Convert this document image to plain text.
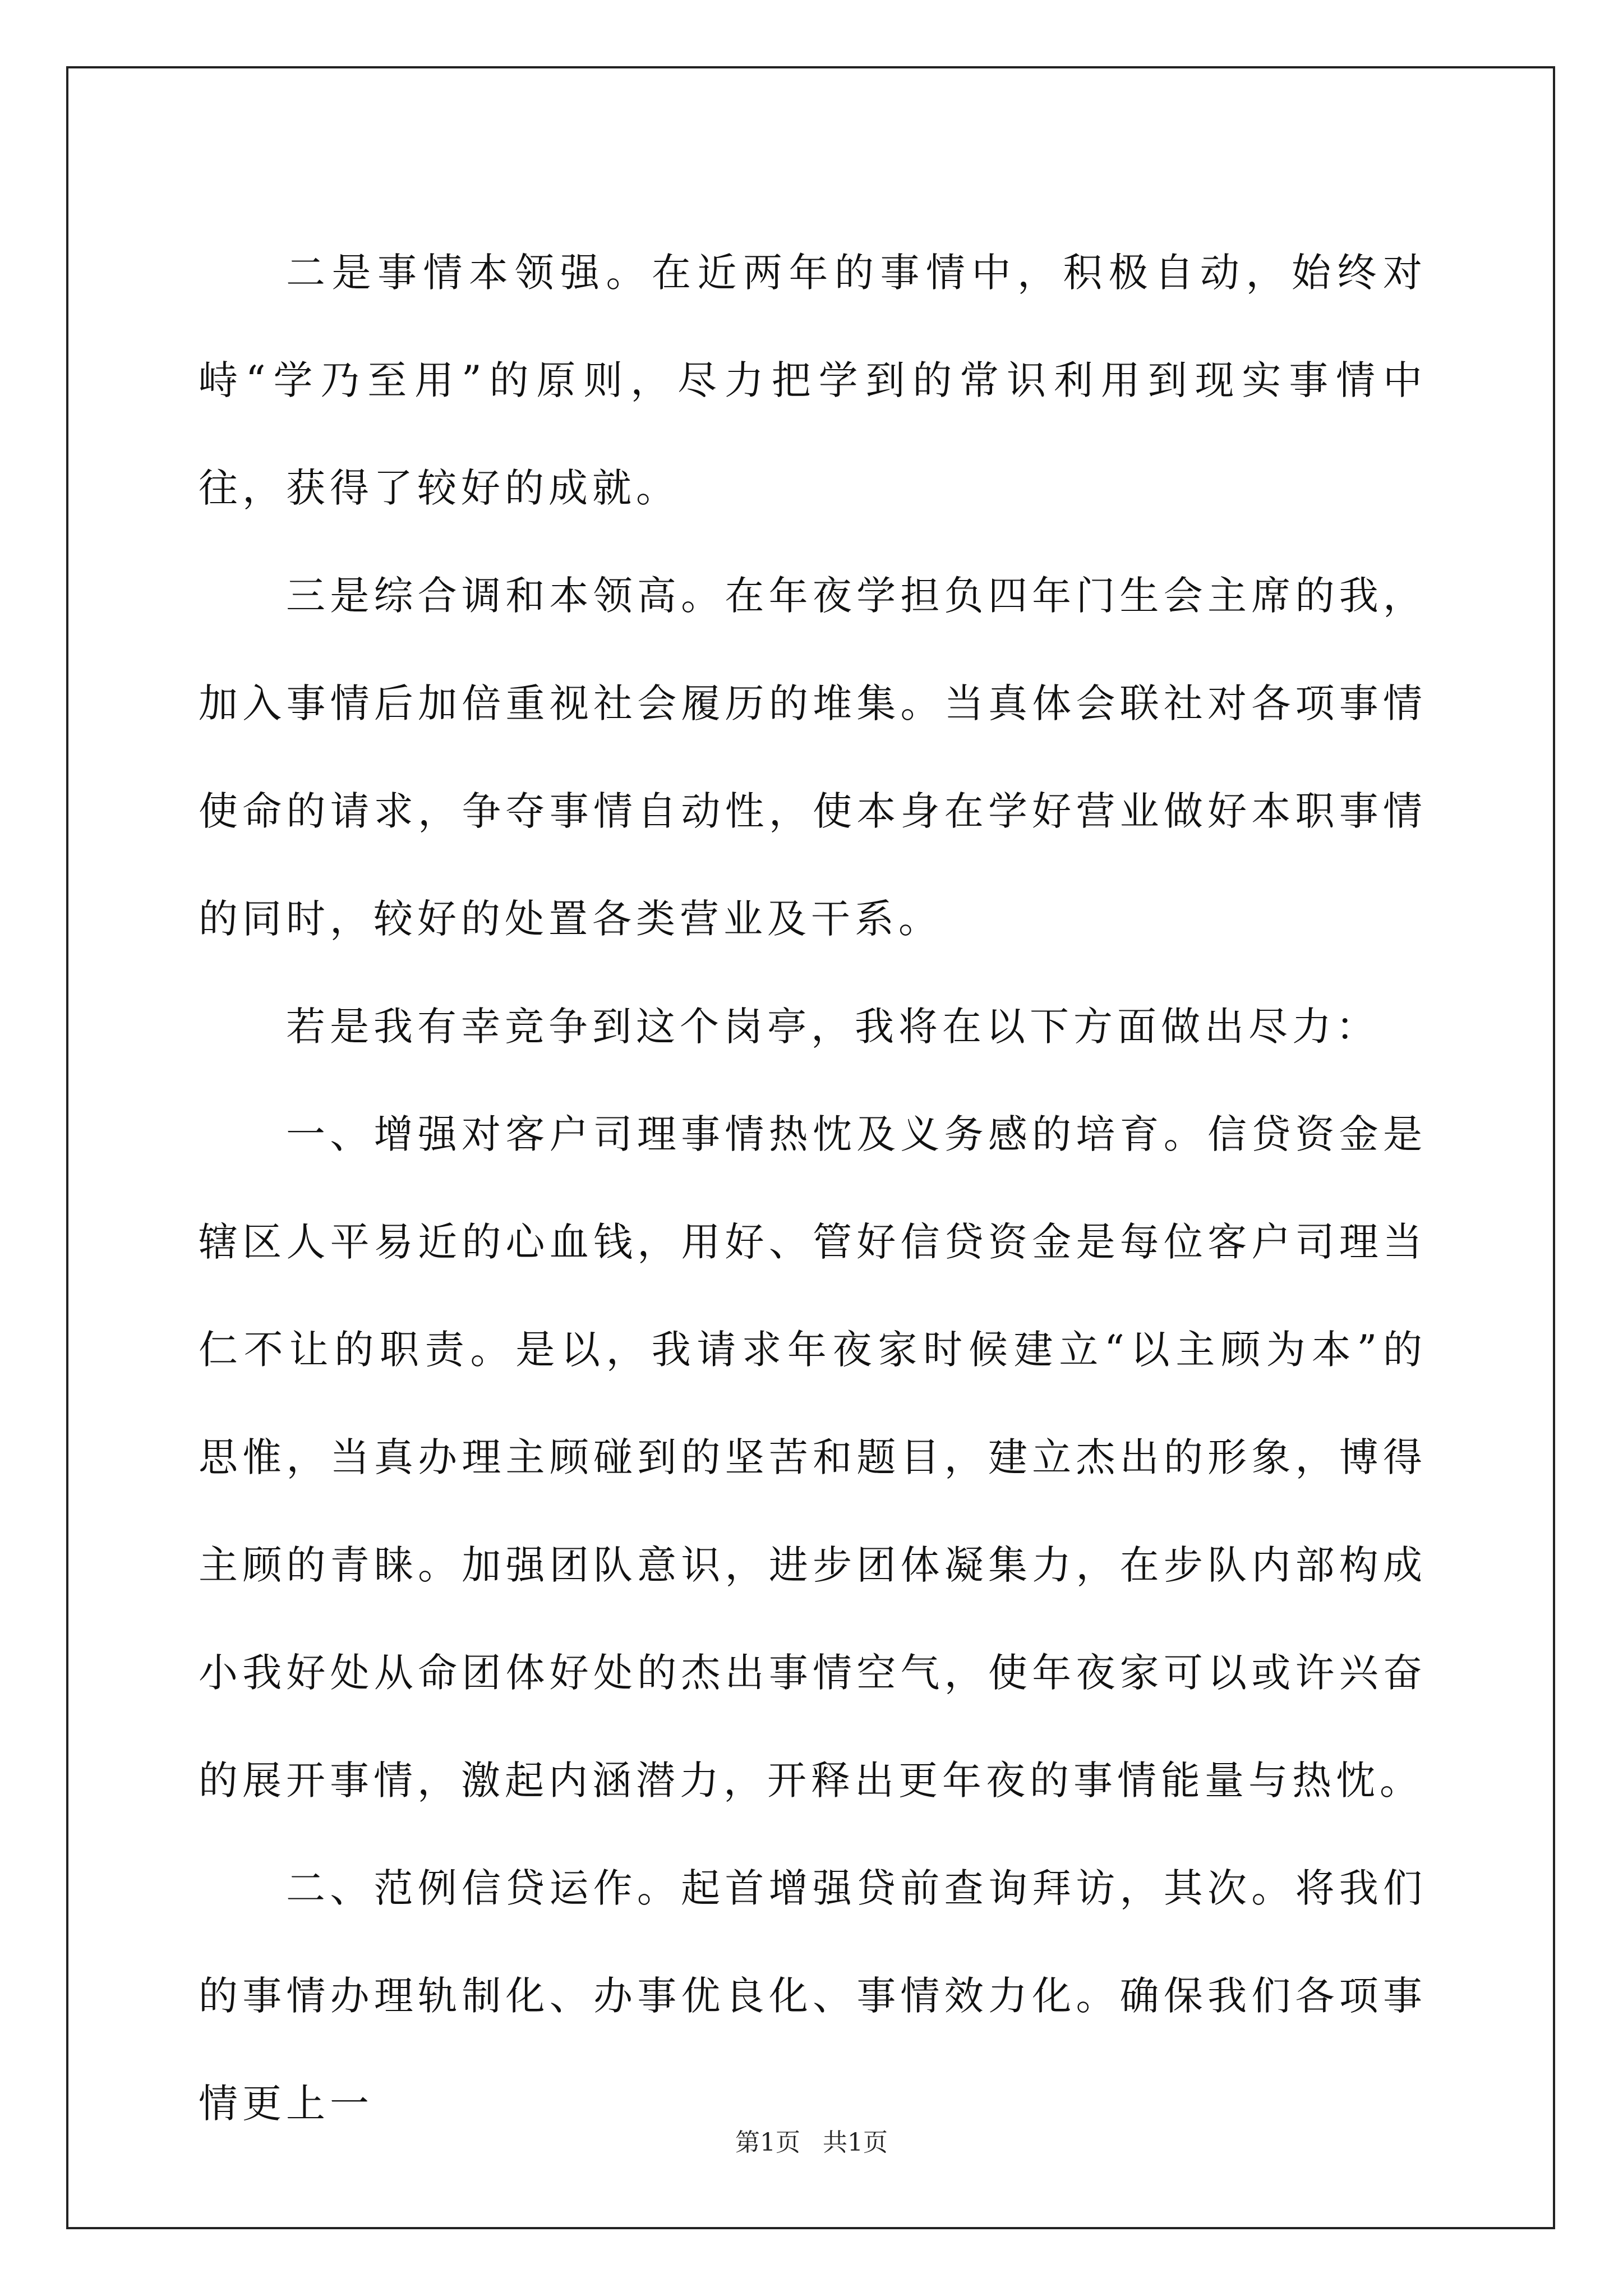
二是事情本领强。在近两年的事情中，积极自动，始终对峙“学乃至用”的原则，尽力把学到的常识利用到现实事情中往，获得了较好的成就。

三是综合调和本领高。在年夜学担负四年门生会主席的我，加入事情后加倍重视社会履历的堆集。当真体会联社对各项事情使命的请求，争夺事情自动性，使本身在学好营业做好本职事情的同时，较好的处置各类营业及干系。

若是我有幸竞争到这个岗亭，我将在以下方面做出尽力：

一、增强对客户司理事情热忱及义务感的培育。信贷资金是辖区人平易近的心血钱，用好、管好信贷资金是每位客户司理当仁不让的职责。是以，我请求年夜家时候建立“以主顾为本”的思惟，当真办理主顾碰到的坚苦和题目，建立杰出的形象，博得主顾的青睐。加强团队意识，进步团体凝集力，在步队内部构成小我好处从命团体好处的杰出事情空气，使年夜家可以或许兴奋的展开事情，激起内涵潜力，开释出更年夜的事情能量与热忱。

二、范例信贷运作。起首增强贷前查询拜访，其次。将我们的事情办理轨制化、办事优良化、事情效力化。确保我们各项事情更上一

第1页 共1页
